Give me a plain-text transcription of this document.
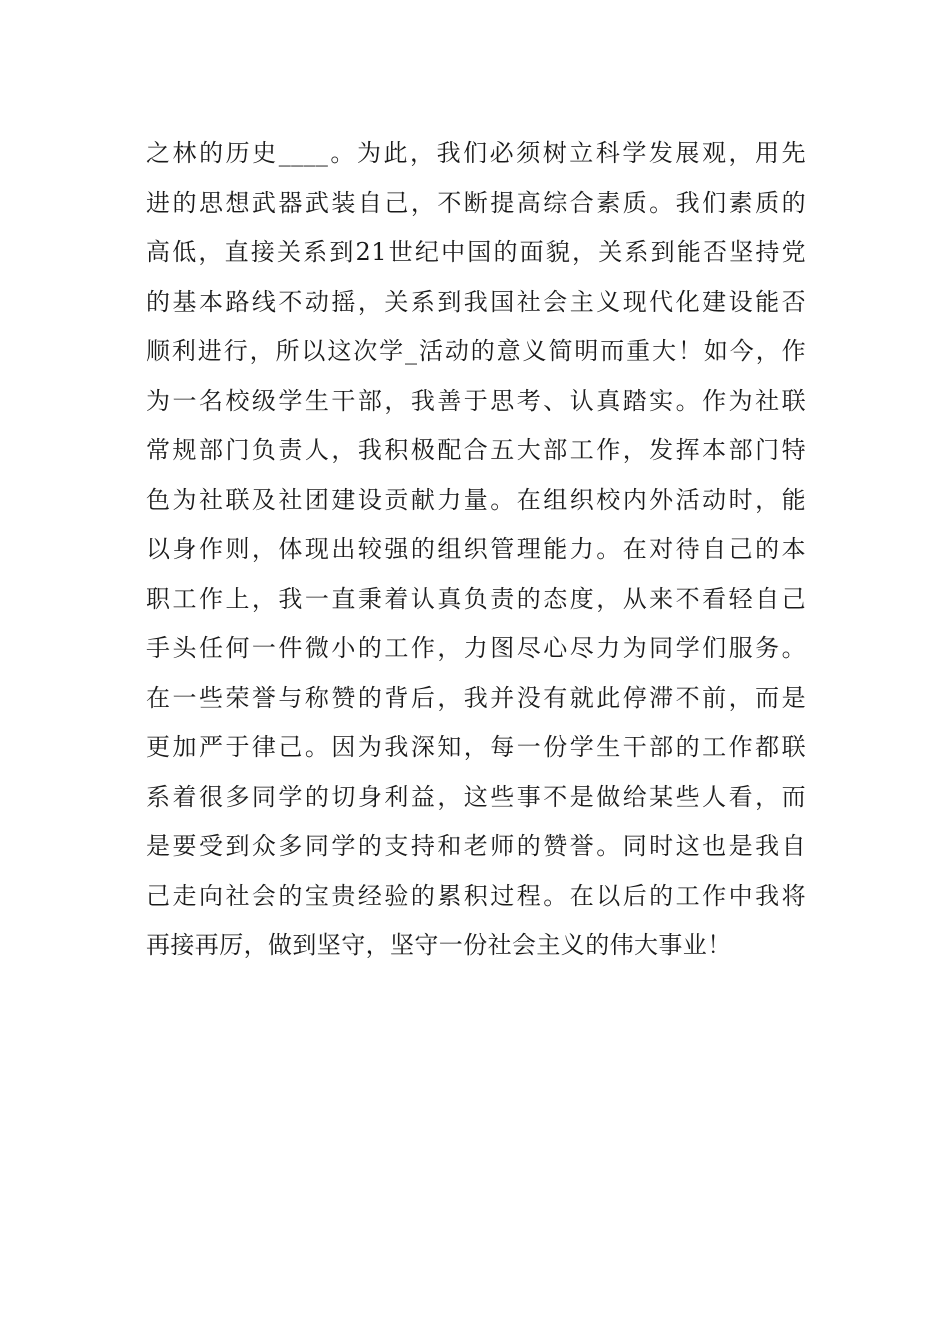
之林的历史____。为此，我们必须树立科学发展观，用先
进的思想武器武装自己，不断提高综合素质。我们素质的
高低，直接关系到21世纪中国的面貌，关系到能否坚持党
的基本路线不动摇，关系到我国社会主义现代化建设能否
顺利进行，所以这次学_活动的意义简明而重大！如今，作
为一名校级学生干部，我善于思考、认真踏实。作为社联
常规部门负责人，我积极配合五大部工作，发挥本部门特
色为社联及社团建设贡献力量。在组织校内外活动时，能
以身作则，体现出较强的组织管理能力。在对待自己的本
职工作上，我一直秉着认真负责的态度，从来不看轻自己
手头任何一件微小的工作，力图尽心尽力为同学们服务。
在一些荣誉与称赞的背后，我并没有就此停滞不前，而是
更加严于律己。因为我深知，每一份学生干部的工作都联
系着很多同学的切身利益，这些事不是做给某些人看，而
是要受到众多同学的支持和老师的赞誉。同时这也是我自
己走向社会的宝贵经验的累积过程。在以后的工作中我将
再接再厉，做到坚守，坚守一份社会主义的伟大事业！
